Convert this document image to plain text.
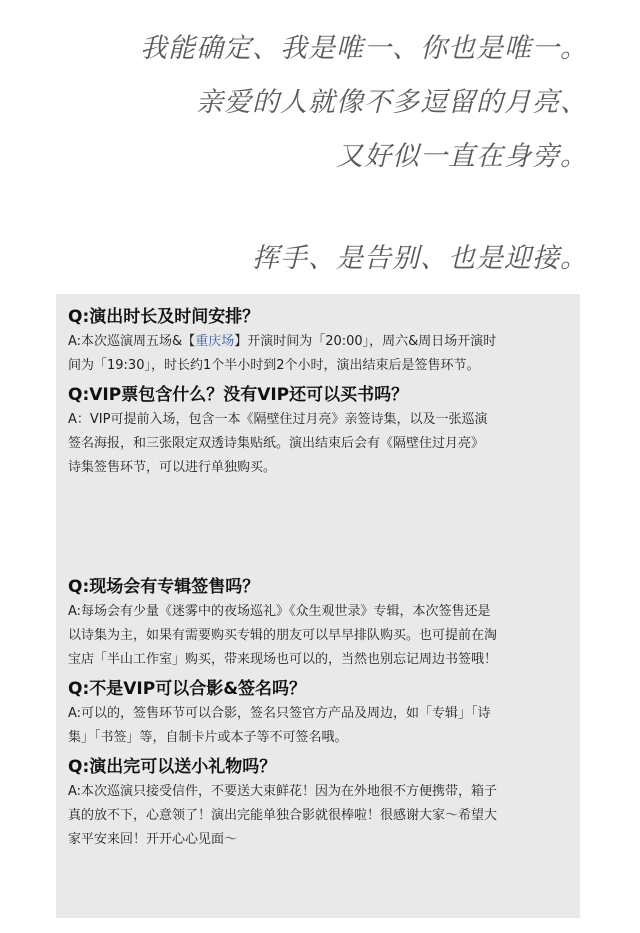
我能确定、我是唯一、你也是唯一。
亲爱的人就像不多逗留的月亮、
又好似一直在身旁。
挥手、是告别、也是迎接。
Q:演出时长及时间安排？
A:本次巡演周五场&【重庆场】开演时间为「20:00」，周六&周日场开演时
间为「19:30」，时长约1个半小时到2个小时，演出结束后是签售环节。
Q:VIP票包含什么？没有VIP还可以买书吗？
A：VIP可提前入场，包含一本《隔壁住过月亮》亲签诗集，以及一张巡演
签名海报，和三张限定双透诗集贴纸。演出结束后会有《隔壁住过月亮》
诗集签售环节，可以进行单独购买。
Q:现场会有专辑签售吗？
A:每场会有少量《迷雾中的夜场巡礼》《众生观世录》专辑，本次签售还是
以诗集为主，如果有需要购买专辑的朋友可以早早排队购买。也可提前在淘
宝店「半山工作室」购买，带来现场也可以的，当然也别忘记周边书签哦！
Q:不是VIP可以合影&签名吗？
A:可以的，签售环节可以合影，签名只签官方产品及周边，如「专辑」「诗
集」「书签」等，自制卡片或本子等不可签名哦。
Q:演出完可以送小礼物吗？
A:本次巡演只接受信件，不要送大束鲜花！因为在外地很不方便携带，箱子
真的放不下，心意领了！演出完能单独合影就很棒啦！很感谢大家～希望大
家平安来回！开开心心见面～
